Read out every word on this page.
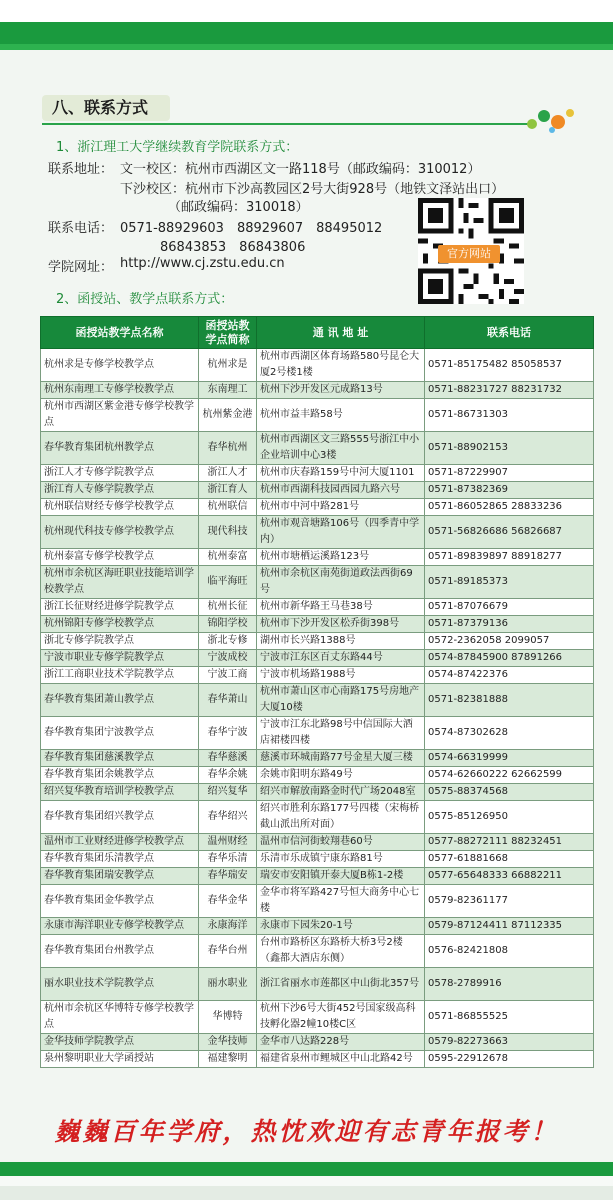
八、联系方式
1、浙江理工大学继续教育学院联系方式：
联系地址： 文一校区：杭州市西湖区文一路118号（邮政编码：310012）
下沙校区：杭州市下沙高教园区2号大街928号（地铁文泽站出口）
（邮政编码：310018）
联系电话： 0571-88929603　88929607　88495012
86843853　86843806
学院网址： http://www.cj.zstu.edu.cn
官方网站
2、函授站、教学点联系方式：
函授站教学点名称	函授站教学点简称	通 讯 地 址	联系电话
杭州求是专修学校教学点	杭州求是	杭州市西湖区体育场路580号昆仑大厦2号楼1楼	0571-85175482 85058537
杭州东南理工专修学校教学点	东南理工	杭州下沙开发区元成路13号	0571-88231727 88231732
杭州市西湖区紫金港专修学校教学点	杭州紫金港	杭州市益丰路58号	0571-86731303
春华教育集团杭州教学点	春华杭州	杭州市西湖区文三路555号浙江中小企业培训中心3楼	0571-88902153
浙江人才专修学院教学点	浙江人才	杭州市庆春路159号中河大厦1101	0571-87229907
浙江育人专修学院教学点	浙江育人	杭州市西湖科技园西园九路六号	0571-87382369
杭州联信财经专修学校教学点	杭州联信	杭州市中河中路281号	0571-86052865 28833236
杭州现代科技专修学校教学点	现代科技	杭州市观音塘路106号（四季青中学内）	0571-56826686 56826687
杭州泰富专修学校教学点	杭州泰富	杭州市塘栖运溪路123号	0571-89839897 88918277
杭州市余杭区海旺职业技能培训学校教学点	临平海旺	杭州市余杭区南苑街道政法西街69号	0571-89185373
浙江长征财经进修学院教学点	杭州长征	杭州市新华路王马巷38号	0571-87076679
杭州锦阳专修学校教学点	锦阳学校	杭州市下沙开发区松乔街398号	0571-87379136
浙北专修学院教学点	浙北专修	湖州市长兴路1388号	0572-2362058 2099057
宁波市职业专修学院教学点	宁波成校	宁波市江东区百丈东路44号	0574-87845900 87891266
浙江工商职业技术学院教学点	宁波工商	宁波市机场路1988号	0574-87422376
春华教育集团萧山教学点	春华萧山	杭州市萧山区市心南路175号房地产大厦10楼	0571-82381888
春华教育集团宁波教学点	春华宁波	宁波市江东北路98号中信国际大酒店裙楼四楼	0574-87302628
春华教育集团慈溪教学点	春华慈溪	慈溪市环城南路77号金星大厦三楼	0574-66319999
春华教育集团余姚教学点	春华余姚	余姚市阳明东路49号	0574-62660222 62662599
绍兴复华教育培训学校教学点	绍兴复华	绍兴市解放南路金时代广场2048室	0575-88374568
春华教育集团绍兴教学点	春华绍兴	绍兴市胜利东路177号四楼（宋梅桥截山派出所对面）	0575-85126950
温州市工业财经进修学校教学点	温州财经	温州市信河街蛟翔巷60号	0577-88272111 88232451
春华教育集团乐清教学点	春华乐清	乐清市乐成镇宁康东路81号	0577-61881668
春华教育集团瑞安教学点	春华瑞安	瑞安市安阳镇开泰大厦B栋1-2楼	0577-65648333 66882211
春华教育集团金华教学点	春华金华	金华市将军路427号恒大商务中心七楼	0579-82361177
永康市海洋职业专修学校教学点	永康海洋	永康市下园朱20-1号	0579-87124411 87112335
春华教育集团台州教学点	春华台州	台州市路桥区东路桥大桥3号2楼（鑫都大酒店东侧）	0576-82421808
丽水职业技术学院教学点	丽水职业	浙江省丽水市莲都区中山街北357号	0578-2789916
杭州市余杭区华博特专修学校教学点	华博特	杭州下沙6号大街452号国家级高科技孵化器2幢10楼C区	0571-86855525
金华技师学院教学点	金华技师	金华市八达路228号	0579-82273663
泉州黎明职业大学函授站	福建黎明	福建省泉州市鲤城区中山北路42号	0595-22912678
巍巍百年学府，热忱欢迎有志青年报考！
